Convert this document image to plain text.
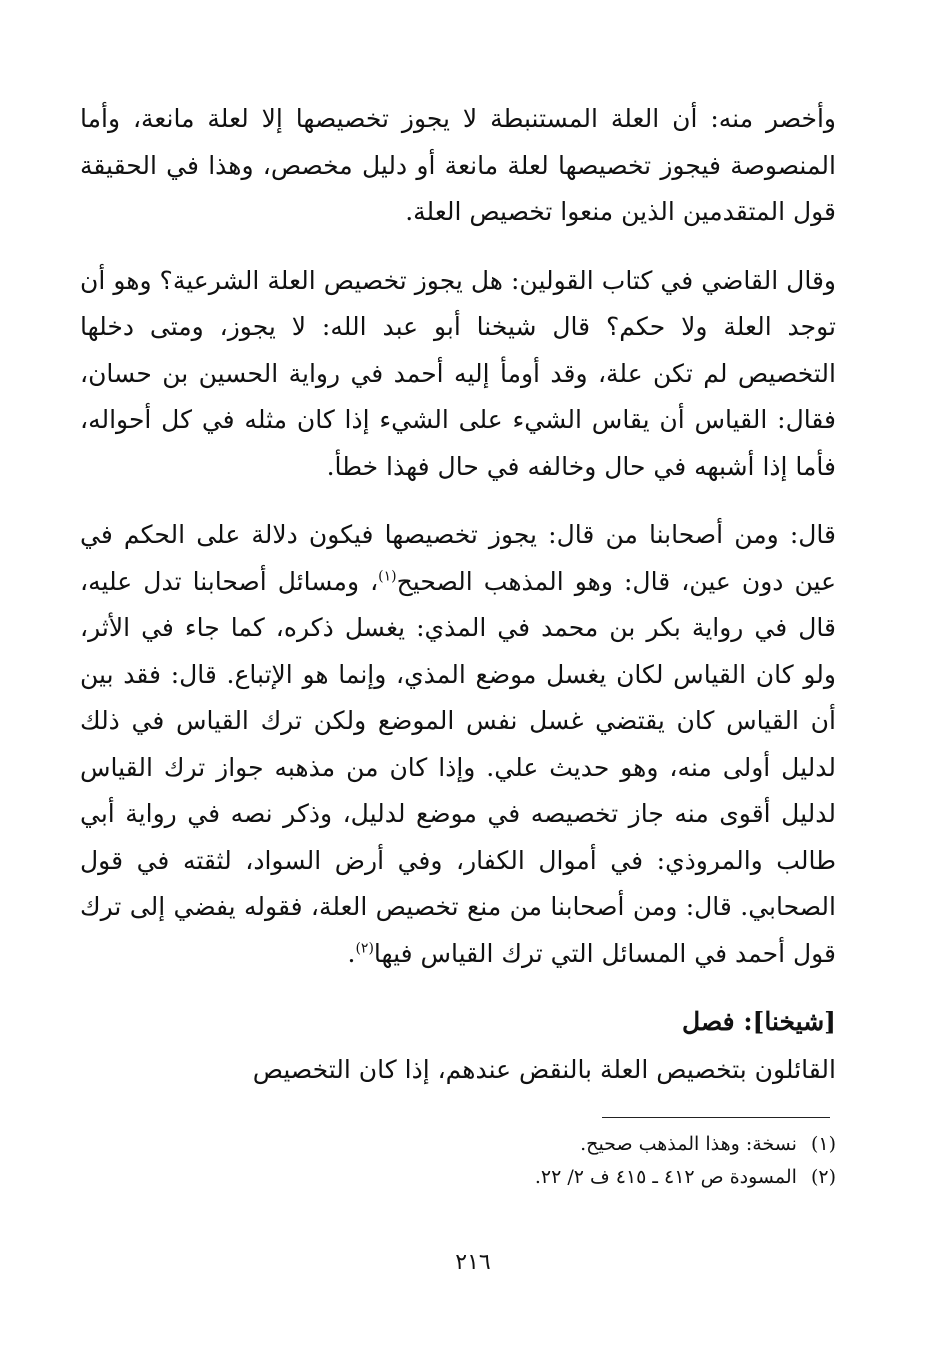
وأخصر منه: أن العلة المستنبطة لا يجوز تخصيصها إلا لعلة مانعة، وأما المنصوصة فيجوز تخصيصها لعلة مانعة أو دليل مخصص، وهذا في الحقيقة قول المتقدمين الذين منعوا تخصيص العلة.

وقال القاضي في كتاب القولين: هل يجوز تخصيص العلة الشرعية؟ وهو أن توجد العلة ولا حكم؟ قال شيخنا أبو عبد الله: لا يجوز، ومتى دخلها التخصيص لم تكن علة، وقد أومأ إليه أحمد في رواية الحسين بن حسان، فقال: القياس أن يقاس الشيء على الشيء إذا كان مثله في كل أحواله، فأما إذا أشبهه في حال وخالفه في حال فهذا خطأ.

قال: ومن أصحابنا من قال: يجوز تخصيصها فيكون دلالة على الحكم في عين دون عين، قال: وهو المذهب الصحيح$^{(١)}$، ومسائل أصحابنا تدل عليه، قال في رواية بكر بن محمد في المذي: يغسل ذكره، كما جاء في الأثر، ولو كان القياس لكان يغسل موضع المذي، وإنما هو الإتباع. قال: فقد بين أن القياس كان يقتضي غسل نفس الموضع ولكن ترك القياس في ذلك لدليل أولى منه، وهو حديث علي. وإذا كان من مذهبه جواز ترك القياس لدليل أقوى منه جاز تخصيصه في موضع لدليل، وذكر نصه في رواية أبي طالب والمروذي: في أموال الكفار، وفي أرض السواد، لثقته في قول الصحابي. قال: ومن أصحابنا من منع تخصيص العلة، فقوله يفضي إلى ترك قول أحمد في المسائل التي ترك القياس فيها$^{(٢)}$.

[شيخنا]: فصل

القائلون بتخصيص العلة بالنقض عندهم، إذا كان التخصيص

(١)نسخة: وهذا المذهب صحيح.
(٢)المسودة ص ٤١٢ ـ ٤١٥ ف ٢/ ٢٢.
٢١٦
